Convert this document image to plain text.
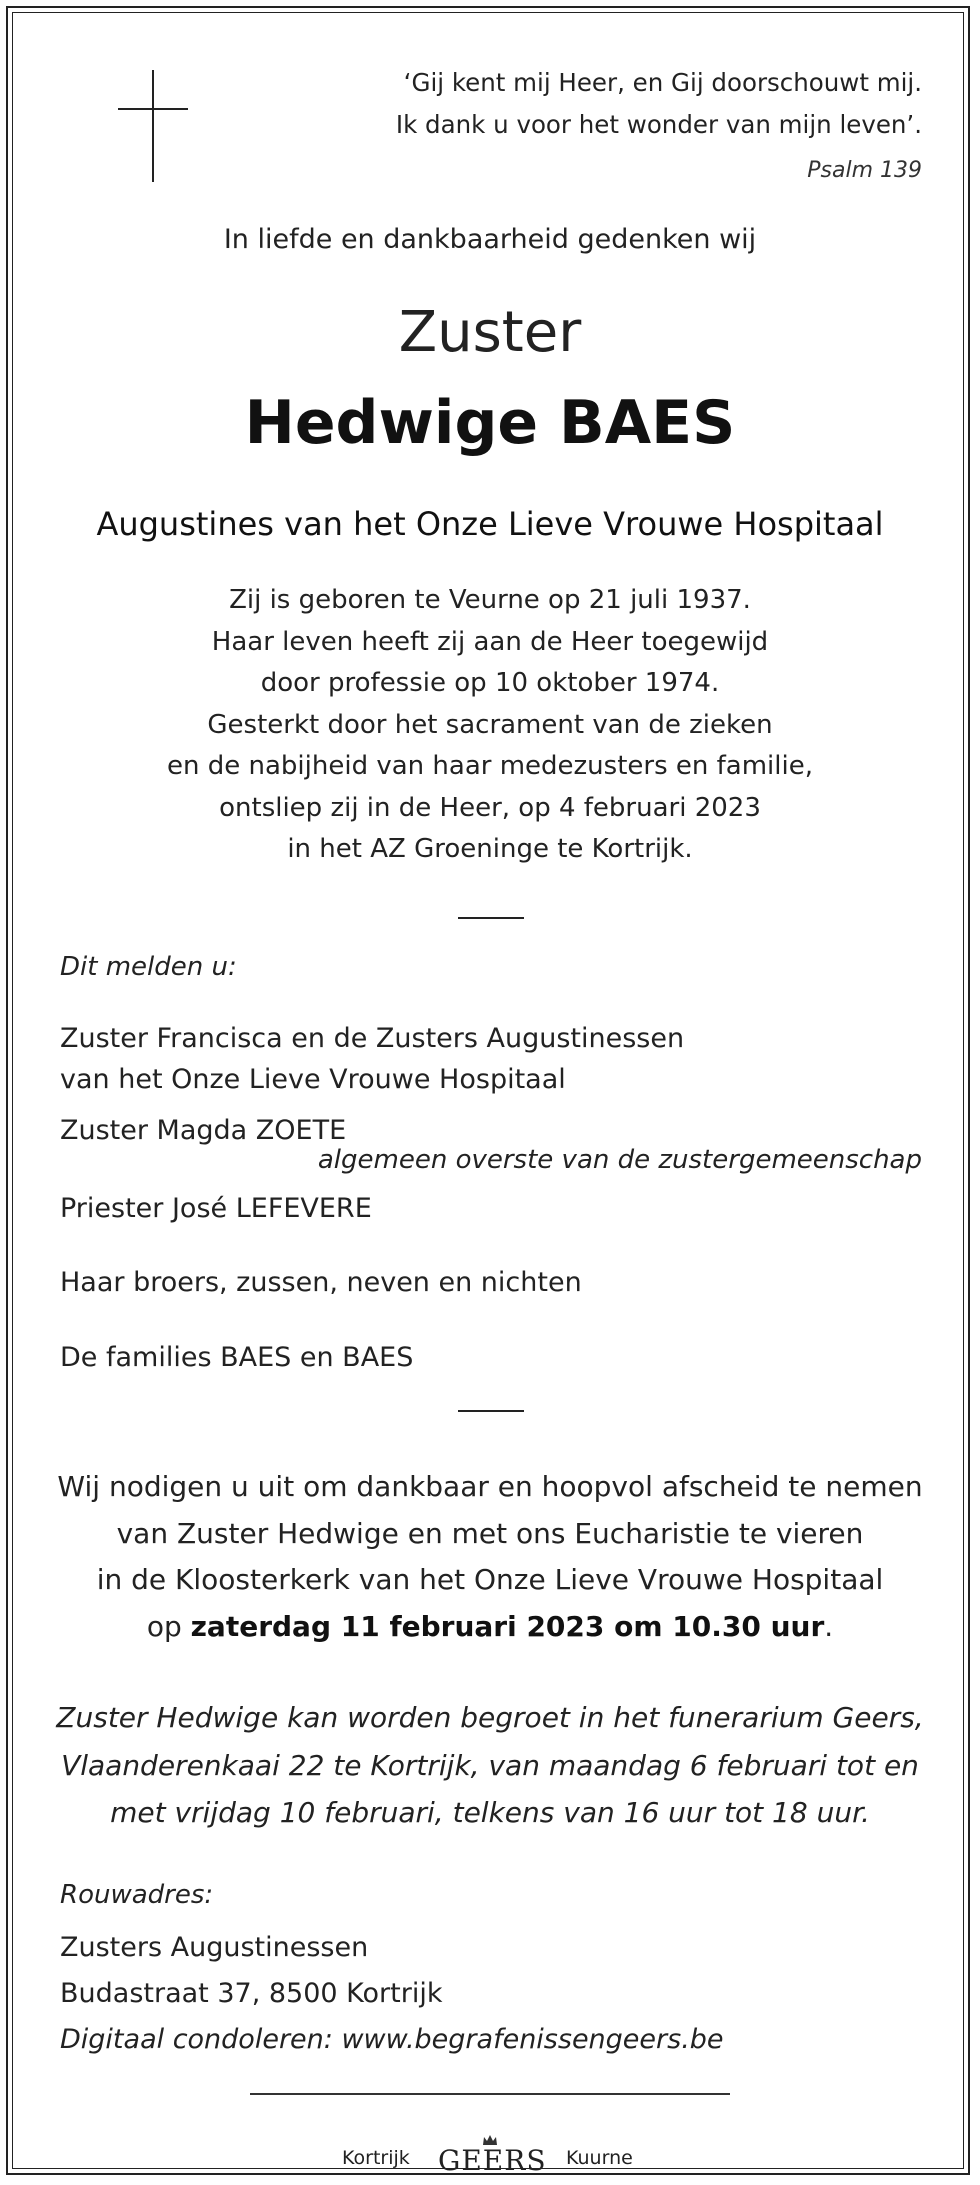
‘Gij kent mij Heer, en Gij doorschouwt mij.
Ik dank u voor het wonder van mijn leven’.
Psalm 139
In liefde en dankbaarheid gedenken wij
Zuster
Hedwige BAES
Augustines van het Onze Lieve Vrouwe Hospitaal
Zij is geboren te Veurne op 21 juli 1937.
Haar leven heeft zij aan de Heer toegewijd
door professie op 10 oktober 1974.
Gesterkt door het sacrament van de zieken
en de nabijheid van haar medezusters en familie,
ontsliep zij in de Heer, op 4 februari 2023
in het AZ Groeninge te Kortrijk.
Dit melden u:
Zuster Francisca en de Zusters Augustinessen
van het Onze Lieve Vrouwe Hospitaal
Zuster Magda ZOETE
algemeen overste van de zustergemeenschap
Priester José LEFEVERE
Haar broers, zussen, neven en nichten
De families BAES en BAES
Wij nodigen u uit om dankbaar en hoopvol afscheid te nemen
van Zuster Hedwige en met ons Eucharistie te vieren
in de Kloosterkerk van het Onze Lieve Vrouwe Hospitaal
op zaterdag 11 februari 2023 om 10.30 uur.
Zuster Hedwige kan worden begroet in het funerarium Geers,
Vlaanderenkaai 22 te Kortrijk, van maandag 6 februari tot en
met vrijdag 10 februari, telkens van 16 uur tot 18 uur.
Rouwadres:
Zusters Augustinessen
Budastraat 37, 8500 Kortrijk
Digitaal condoleren: www.begrafenissengeers.be
Kortrijk GEERS Kuurne
